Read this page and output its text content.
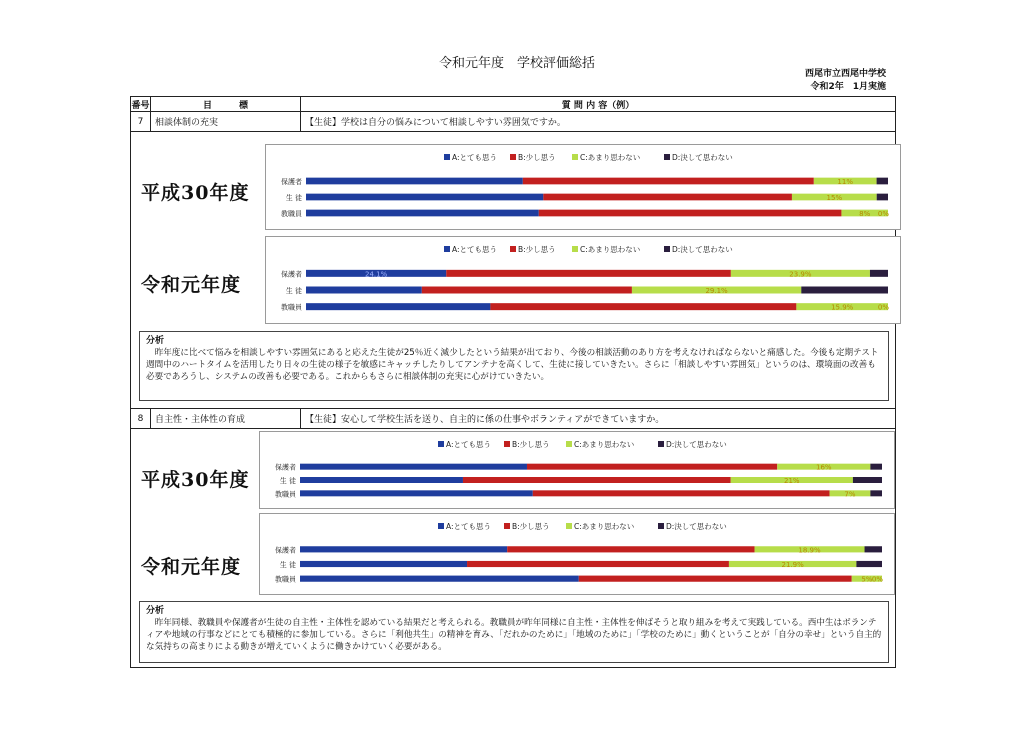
令和元年度　学校評価総括
西尾市立西尾中学校
令和2年　1月実施
番号	目　　　標	質 問 内 容（例）
7	相談体制の充実	【生徒】学校は自分の悩みについて相談しやすい雰囲気ですか。
平成30年度
令和元年度
A:とても思う	B:少し思う	C:あまり思わない	D:決して思わない
保護者	11%
生 徒	15%
教職員	8% 0%
A:とても思う	B:少し思う	C:あまり思わない	D:決して思わない
保護者	24.1%	23.9%
生 徒	29.1%
教職員	15.9%	0%
分析
昨年度に比べて悩みを相談しやすい雰囲気にあると応えた生徒が25％近く減少したという結果が出ており、今後の相談活動のあり方を考えなければならないと痛感した。今後も定期テスト週間中のハートタイムを活用したり日々の生徒の様子を敏感にキャッチしたりしてアンテナを高くして、生徒に接していきたい。さらに「相談しやすい雰囲気」というのは、環境面の改善も必要であろうし、システムの改善も必要である。これからもさらに相談体制の充実に心がけていきたい。
8	自主性・主体性の育成	【生徒】安心して学校生活を送り、自主的に係の仕事やボランティアができていますか。
平成30年度
令和元年度
A:とても思う	B:少し思う	C:あまり思わない	D:決して思わない
保護者	16%
生 徒	21%
教職員	7%
A:とても思う	B:少し思う	C:あまり思わない	D:決して思わない
保護者	18.9%
生 徒	21.9%
教職員	5% 0%
分析
昨年同様、教職員や保護者が生徒の自主性・主体性を認めている結果だと考えられる。教職員が昨年同様に自主性・主体性を伸ばそうと取り組みを考えて実践している。西中生はボランティアや地域の行事などにとても積極的に参加している。さらに「利他共生」の精神を育み、「だれかのために」「地域のために」「学校のために」動くということが「自分の幸せ」という自主的な気持ちの高まりによる動きが増えていくように働きかけていく必要がある。
